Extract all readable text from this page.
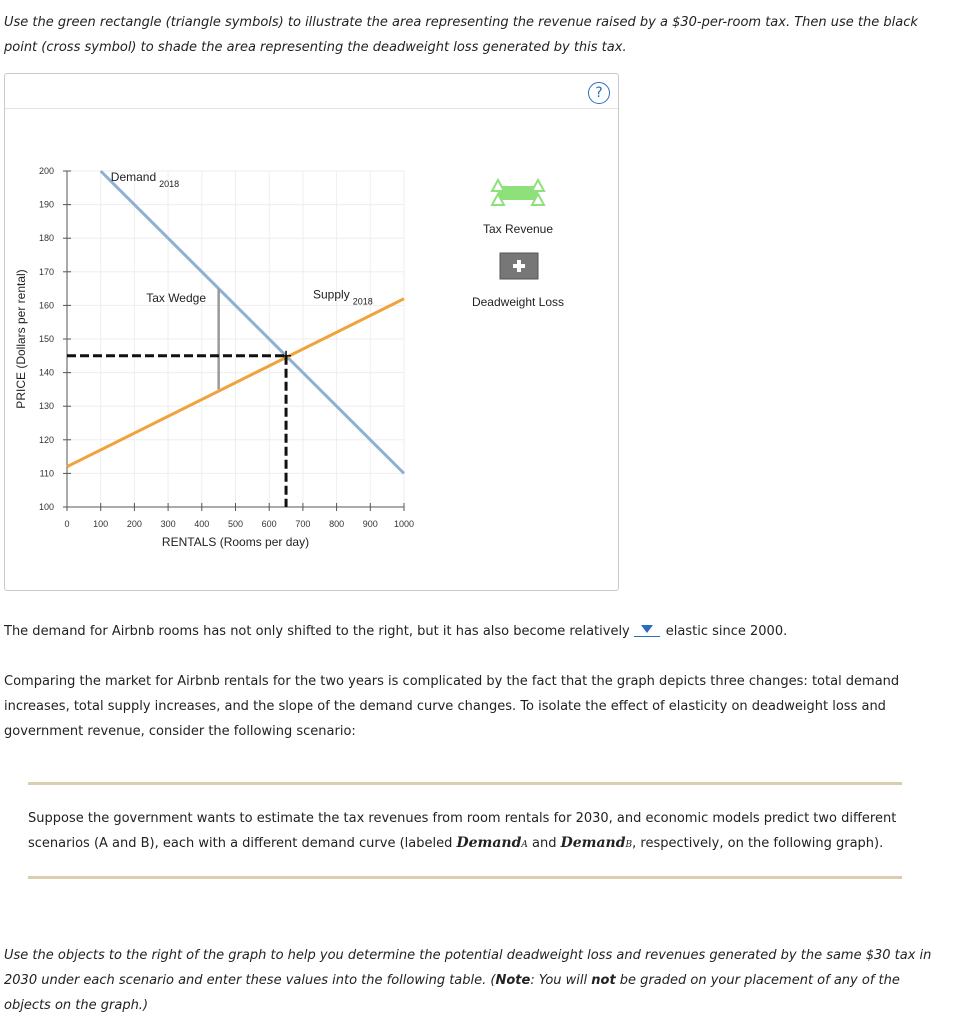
Use the green rectangle (triangle symbols) to illustrate the area representing the revenue raised by a $30-per-room tax. Then use the black point (cross symbol) to shade the area representing the deadweight loss generated by this tax.

?
100
110
120
130
140
150
160
170
180
190
200
0	100 200 300 400 500 600 700 800 900 1000
RENTALS (Rooms per day)
PRICE (Dollars per rental)
Demand $_{2018}$
Supply $_{2018}$
Tax Wedge
Tax Revenue
Deadweight Loss

The demand for Airbnb rooms has not only shifted to the right, but it has also become relatively	elastic since 2000.

Comparing the market for Airbnb rentals for the two years is complicated by the fact that the graph depicts three changes: total demand increases, total supply increases, and the slope of the demand curve changes. To isolate the effect of elasticity on deadweight loss and government revenue, consider the following scenario:

Suppose the government wants to estimate the tax revenues from room rentals for 2030, and economic models predict two different scenarios (A and B), each with a different demand curve (labeled DemandA and DemandB, respectively, on the following graph).

Use the objects to the right of the graph to help you determine the potential deadweight loss and revenues generated by the same $30 tax in 2030 under each scenario and enter these values into the following table. (Note: You will not be graded on your placement of any of the objects on the graph.)
